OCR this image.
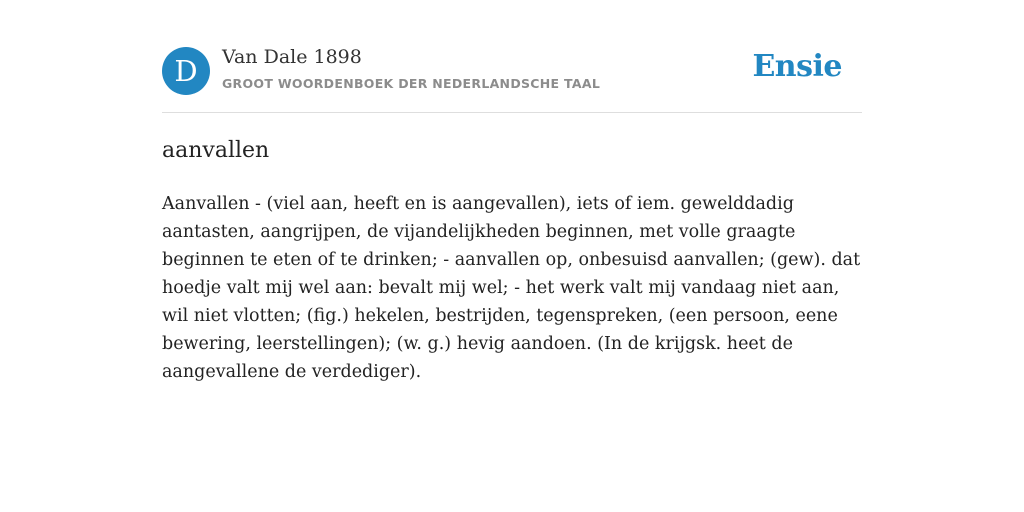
D Van Dale 1898
GROOT WOORDENBOEK DER NEDERLANDSCHE TAAL	Ensie
aanvallen

Aanvallen - (viel aan, heeft en is aangevallen), iets of iem. gewelddadig aantasten, aangrijpen, de vijandelijkheden beginnen, met volle graagte beginnen te eten of te drinken; - aanvallen op, onbesuisd aanvallen; (gew). dat hoedje valt mij wel aan: bevalt mij wel; - het werk valt mij vandaag niet aan, wil niet vlotten; (fig.) hekelen, bestrijden, tegenspreken, (een persoon, eene bewering, leerstellingen); (w. g.) hevig aandoen. (In de krijgsk. heet de aangevallene de verdediger).
